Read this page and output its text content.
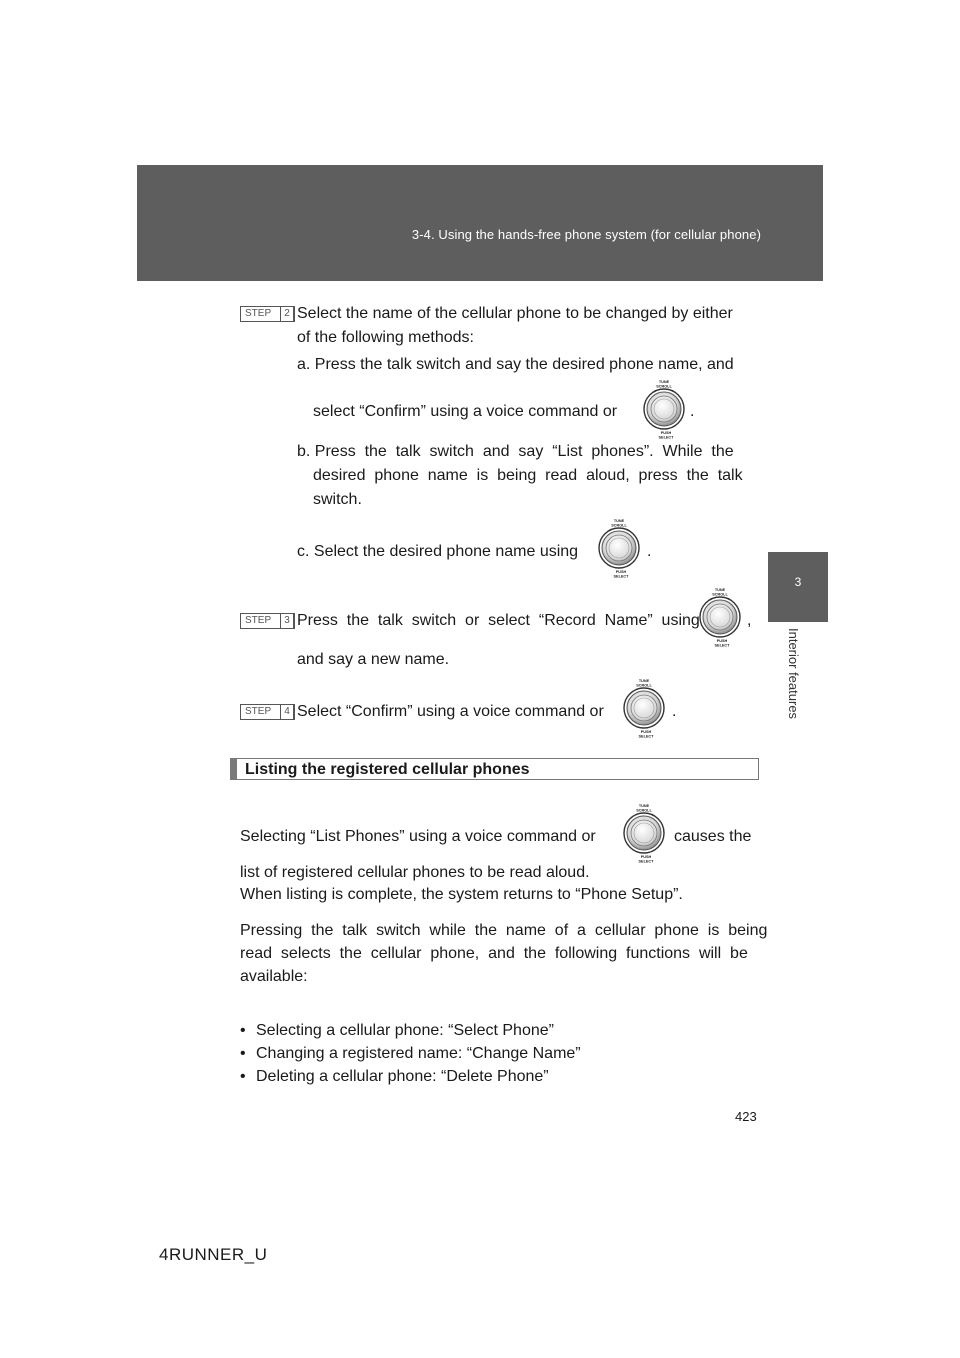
3-4. Using the hands-free phone system (for cellular phone)
3
Interior features
STEP	2 Select the name of the cellular phone to be changed by either
of the following methods:
a. Press the talk switch and say the desired phone name, and
select “Confirm” using a voice command or	.
b. Press  the  talk  switch  and  say  “List  phones”.  While  the
desired  phone  name  is  being  read  aloud,  press  the  talk
switch.
c. Select the desired phone name using	.
STEP	3 Press  the  talk  switch  or  select  “Record  Name”  using	,
and say a new name.
STEP	4 Select “Confirm” using a voice command or	.
Listing the registered cellular phones
Selecting “List Phones” using a voice command or	causes the
list of registered cellular phones to be read aloud.
When listing is complete, the system returns to “Phone Setup”.
Pressing  the  talk  switch  while  the  name  of  a  cellular  phone  is  being
read  selects  the  cellular  phone,  and  the  following  functions  will  be
available:
• Selecting a cellular phone: “Select Phone”
• Changing a registered name: “Change Name”
• Deleting a cellular phone: “Delete Phone”
423
4RUNNER_U
